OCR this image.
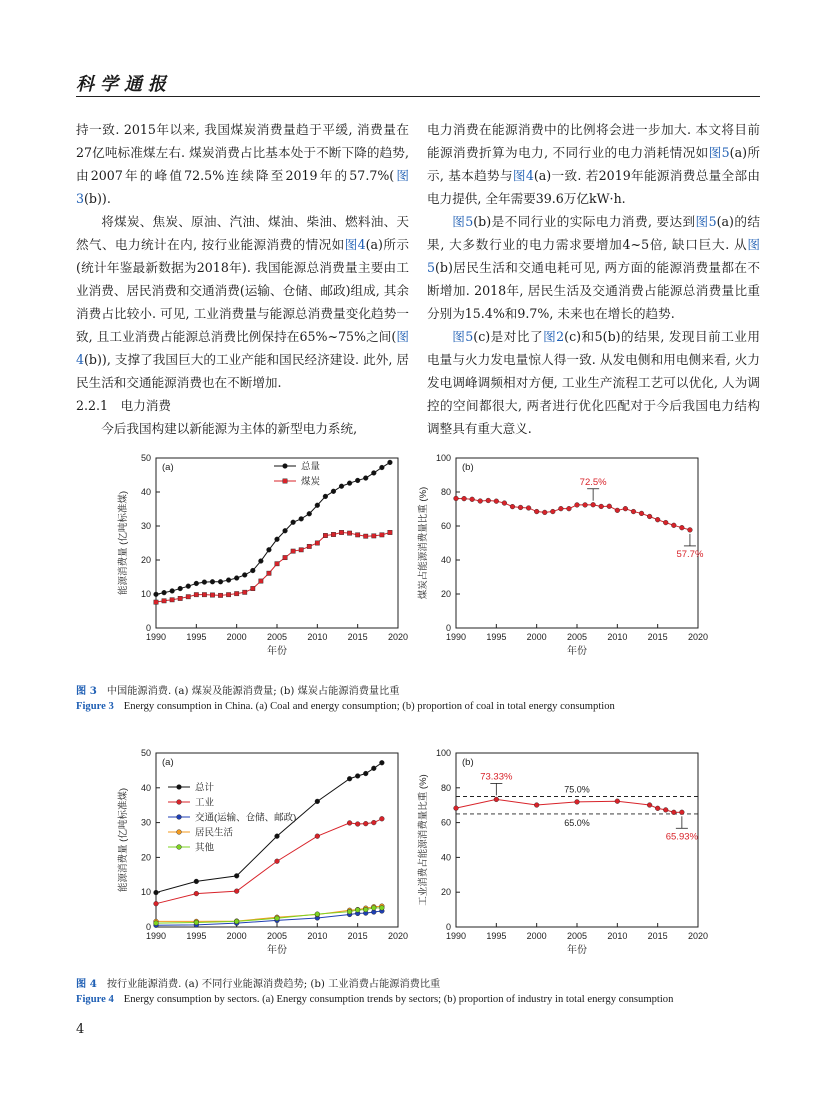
科学通报

持一致. 2015年以来, 我国煤炭消费量趋于平缓, 消费量在27亿吨标准煤左右. 煤炭消费占比基本处于不断下降的趋势, 由2007年的峰值72.5%连续降至2019年的57.7%(图3(b)).

将煤炭、焦炭、原油、汽油、煤油、柴油、燃料油、天然气、电力统计在内, 按行业能源消费的情况如图4(a)所示(统计年鉴最新数据为2018年). 我国能源总消费量主要由工业消费、居民消费和交通消费(运输、仓储、邮政)组成, 其余消费占比较小. 可见, 工业消费量与能源总消费量变化趋势一致, 且工业消费占能源总消费比例保持在65%~75%之间(图4(b)), 支撑了我国巨大的工业产能和国民经济建设. 此外, 居民生活和交通能源消费也在不断增加.

2.2.1　电力消费

今后我国构建以新能源为主体的新型电力系统,

电力消费在能源消费中的比例将会进一步加大. 本文将目前能源消费折算为电力, 不同行业的电力消耗情况如图5(a)所示, 基本趋势与图4(a)一致. 若2019年能源消费总量全部由电力提供, 全年需要39.6万亿kW·h.

图5(b)是不同行业的实际电力消费, 要达到图5(a)的结果, 大多数行业的电力需求要增加4~5倍, 缺口巨大. 从图5(b)居民生活和交通电耗可见, 两方面的能源消费量都在不断增加. 2018年, 居民生活及交通消费占能源总消费量比重分别为15.4%和9.7%, 未来也在增长的趋势.

图5(c)是对比了图2(c)和5(b)的结果, 发现目前工业用电量与火力发电量惊人得一致. 从发电侧和用电侧来看, 火力发电调峰调频相对方便, 工业生产流程工艺可以优化, 人为调控的空间都很大, 两者进行优化匹配对于今后我国电力结构调整具有重大意义.

1990 1995 2000 2005 2010 2015 2020
0
10
20
30
40
50
年份
能源消费量 (亿吨标准煤)
(a)	总量
煤炭
1990 1995 2000 2005 2010 2015 2020
0
20
40
60
80
100
年份
煤炭占能源消费量比重 (%)
(b)
72.5%
57.7%
图 3 中国能源消费. (a) 煤炭及能源消费量; (b) 煤炭占能源消费量比重
Figure 3 Energy consumption in China. (a) Coal and energy consumption; (b) proportion of coal in total energy consumption
1990 1995 2000 2005 2010 2015 2020
0
10
20
30
40
50
年份
能源消费量 (亿吨标准煤)
(a)
总计
工业
交通(运输、仓储、邮政)
居民生活
其他
1990 1995 2000 2005 2010 2015 2020
0
20
40
60
80
100
年份
工业消费占能源消费量比重 (%)
(b)
75.0%
65.0%
73.33%
65.93%
图 4 按行业能源消费. (a) 不同行业能源消费趋势; (b) 工业消费占能源消费比重
Figure 4 Energy consumption by sectors. (a) Energy consumption trends by sectors; (b) proportion of industry in total energy consumption
4
